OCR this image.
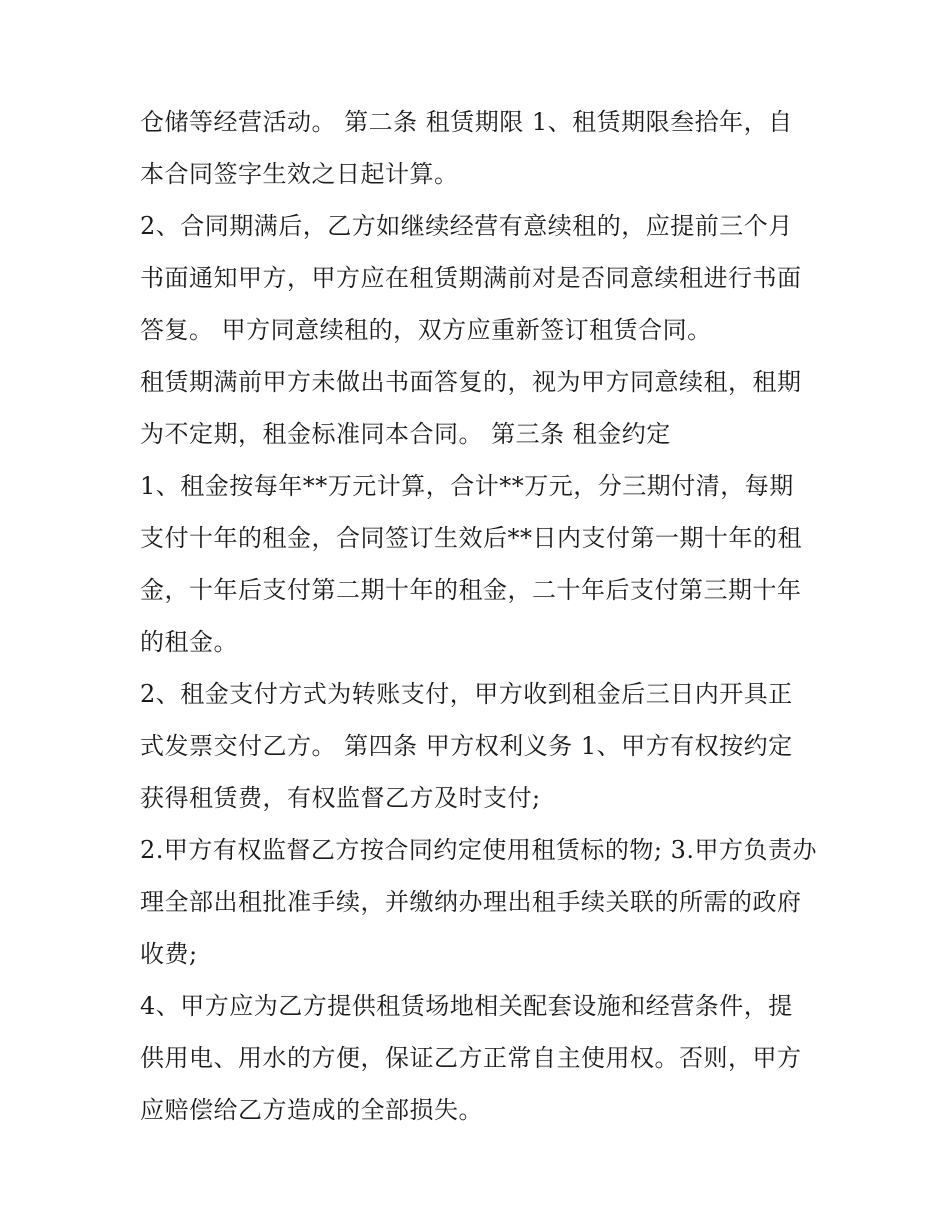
仓储等经营活动。 第二条 租赁期限 1、租赁期限叁拾年，自
本合同签字生效之日起计算。
2、合同期满后，乙方如继续经营有意续租的，应提前三个月
书面通知甲方，甲方应在租赁期满前对是否同意续租进行书面
答复。 甲方同意续租的，双方应重新签订租赁合同。
租赁期满前甲方未做出书面答复的，视为甲方同意续租，租期
为不定期，租金标准同本合同。 第三条 租金约定
1、租金按每年**万元计算，合计**万元，分三期付清，每期
支付十年的租金，合同签订生效后**日内支付第一期十年的租
金，十年后支付第二期十年的租金，二十年后支付第三期十年
的租金。
2、租金支付方式为转账支付，甲方收到租金后三日内开具正
式发票交付乙方。 第四条 甲方权利义务 1、甲方有权按约定
获得租赁费，有权监督乙方及时支付;
2.甲方有权监督乙方按合同约定使用租赁标的物; 3.甲方负责办
理全部出租批准手续，并缴纳办理出租手续关联的所需的政府
收费;
4、甲方应为乙方提供租赁场地相关配套设施和经营条件，提
供用电、用水的方便，保证乙方正常自主使用权。否则，甲方
应赔偿给乙方造成的全部损失。
